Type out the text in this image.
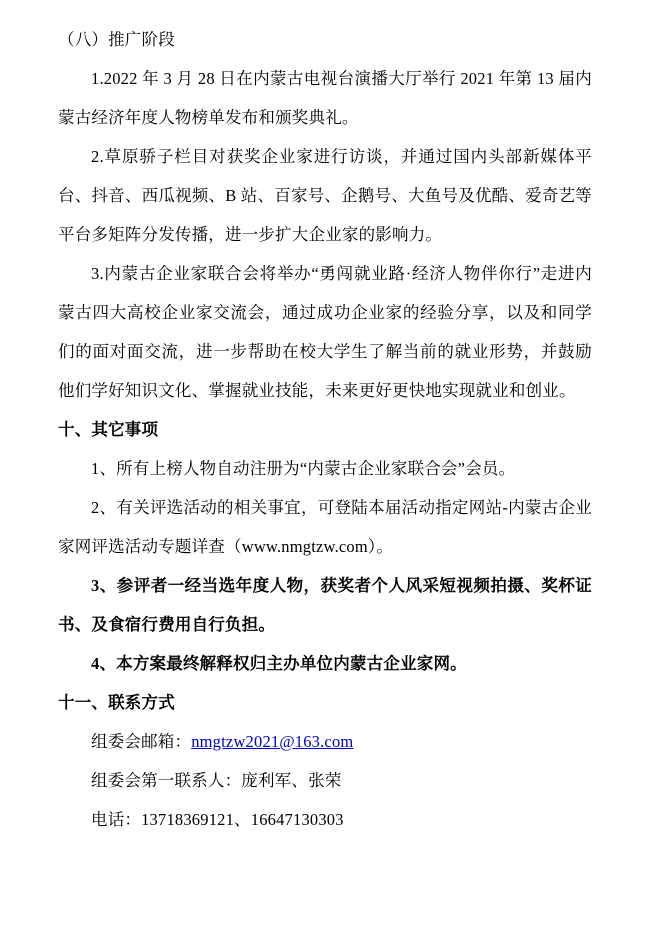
（八）推广阶段

1.2022 年 3 月 28 日在内蒙古电视台演播大厅举行 2021 年第 13 届内蒙古经济年度人物榜单发布和颁奖典礼。

2.草原骄子栏目对获奖企业家进行访谈，并通过国内头部新媒体平台、抖音、西瓜视频、B 站、百家号、企鹅号、大鱼号及优酷、爱奇艺等平台多矩阵分发传播，进一步扩大企业家的影响力。

3.内蒙古企业家联合会将举办“勇闯就业路·经济人物伴你行”走进内蒙古四大高校企业家交流会，通过成功企业家的经验分享，以及和同学们的面对面交流，进一步帮助在校大学生了解当前的就业形势，并鼓励他们学好知识文化、掌握就业技能，未来更好更快地实现就业和创业。

十、其它事项

1、所有上榜人物自动注册为“内蒙古企业家联合会”会员。

2、有关评选活动的相关事宜，可登陆本届活动指定网站-内蒙古企业家网评选活动专题详查（www.nmgtzw.com）。

3、参评者一经当选年度人物，获奖者个人风采短视频拍摄、奖杯证书、及食宿行费用自行负担。

4、本方案最终解释权归主办单位内蒙古企业家网。

十一、联系方式

组委会邮箱：nmgtzw2021@163.com

组委会第一联系人：庞利军、张荣

电话：13718369121、16647130303
